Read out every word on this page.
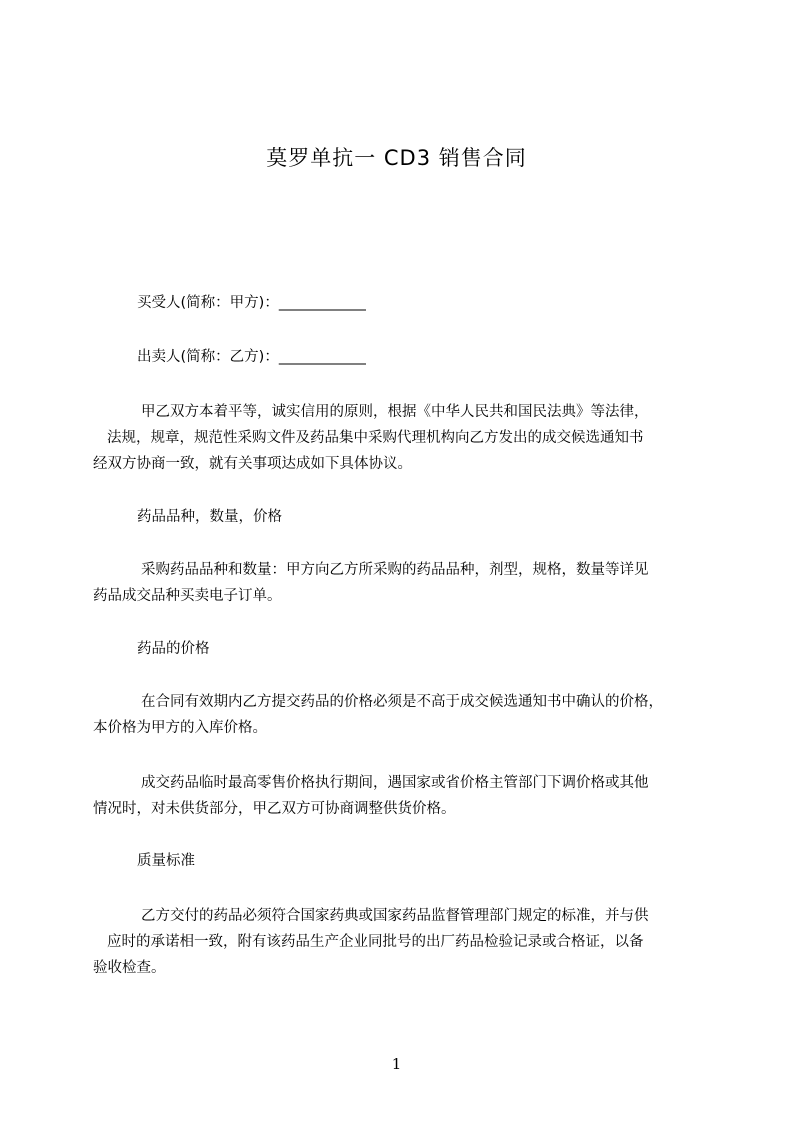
莫罗单抗一 CD3 销售合同
买受人(简称：甲方)：____________
出卖人(简称：乙方)：____________
甲乙双方本着平等，诚实信用的原则，根据《中华人民共和国民法典》等法律，
法规，规章，规范性采购文件及药品集中采购代理机构向乙方发出的成交候选通知书
经双方协商一致，就有关事项达成如下具体协议。
药品品种，数量，价格
采购药品品种和数量：甲方向乙方所采购的药品品种，剂型，规格，数量等详见
药品成交品种买卖电子订单。
药品的价格
在合同有效期内乙方提交药品的价格必须是不高于成交候选通知书中确认的价格，
本价格为甲方的入库价格。
成交药品临时最高零售价格执行期间，遇国家或省价格主管部门下调价格或其他
情况时，对未供货部分，甲乙双方可协商调整供货价格。
质量标准
乙方交付的药品必须符合国家药典或国家药品监督管理部门规定的标准，并与供
应时的承诺相一致，附有该药品生产企业同批号的出厂药品检验记录或合格证，以备
验收检查。
1
